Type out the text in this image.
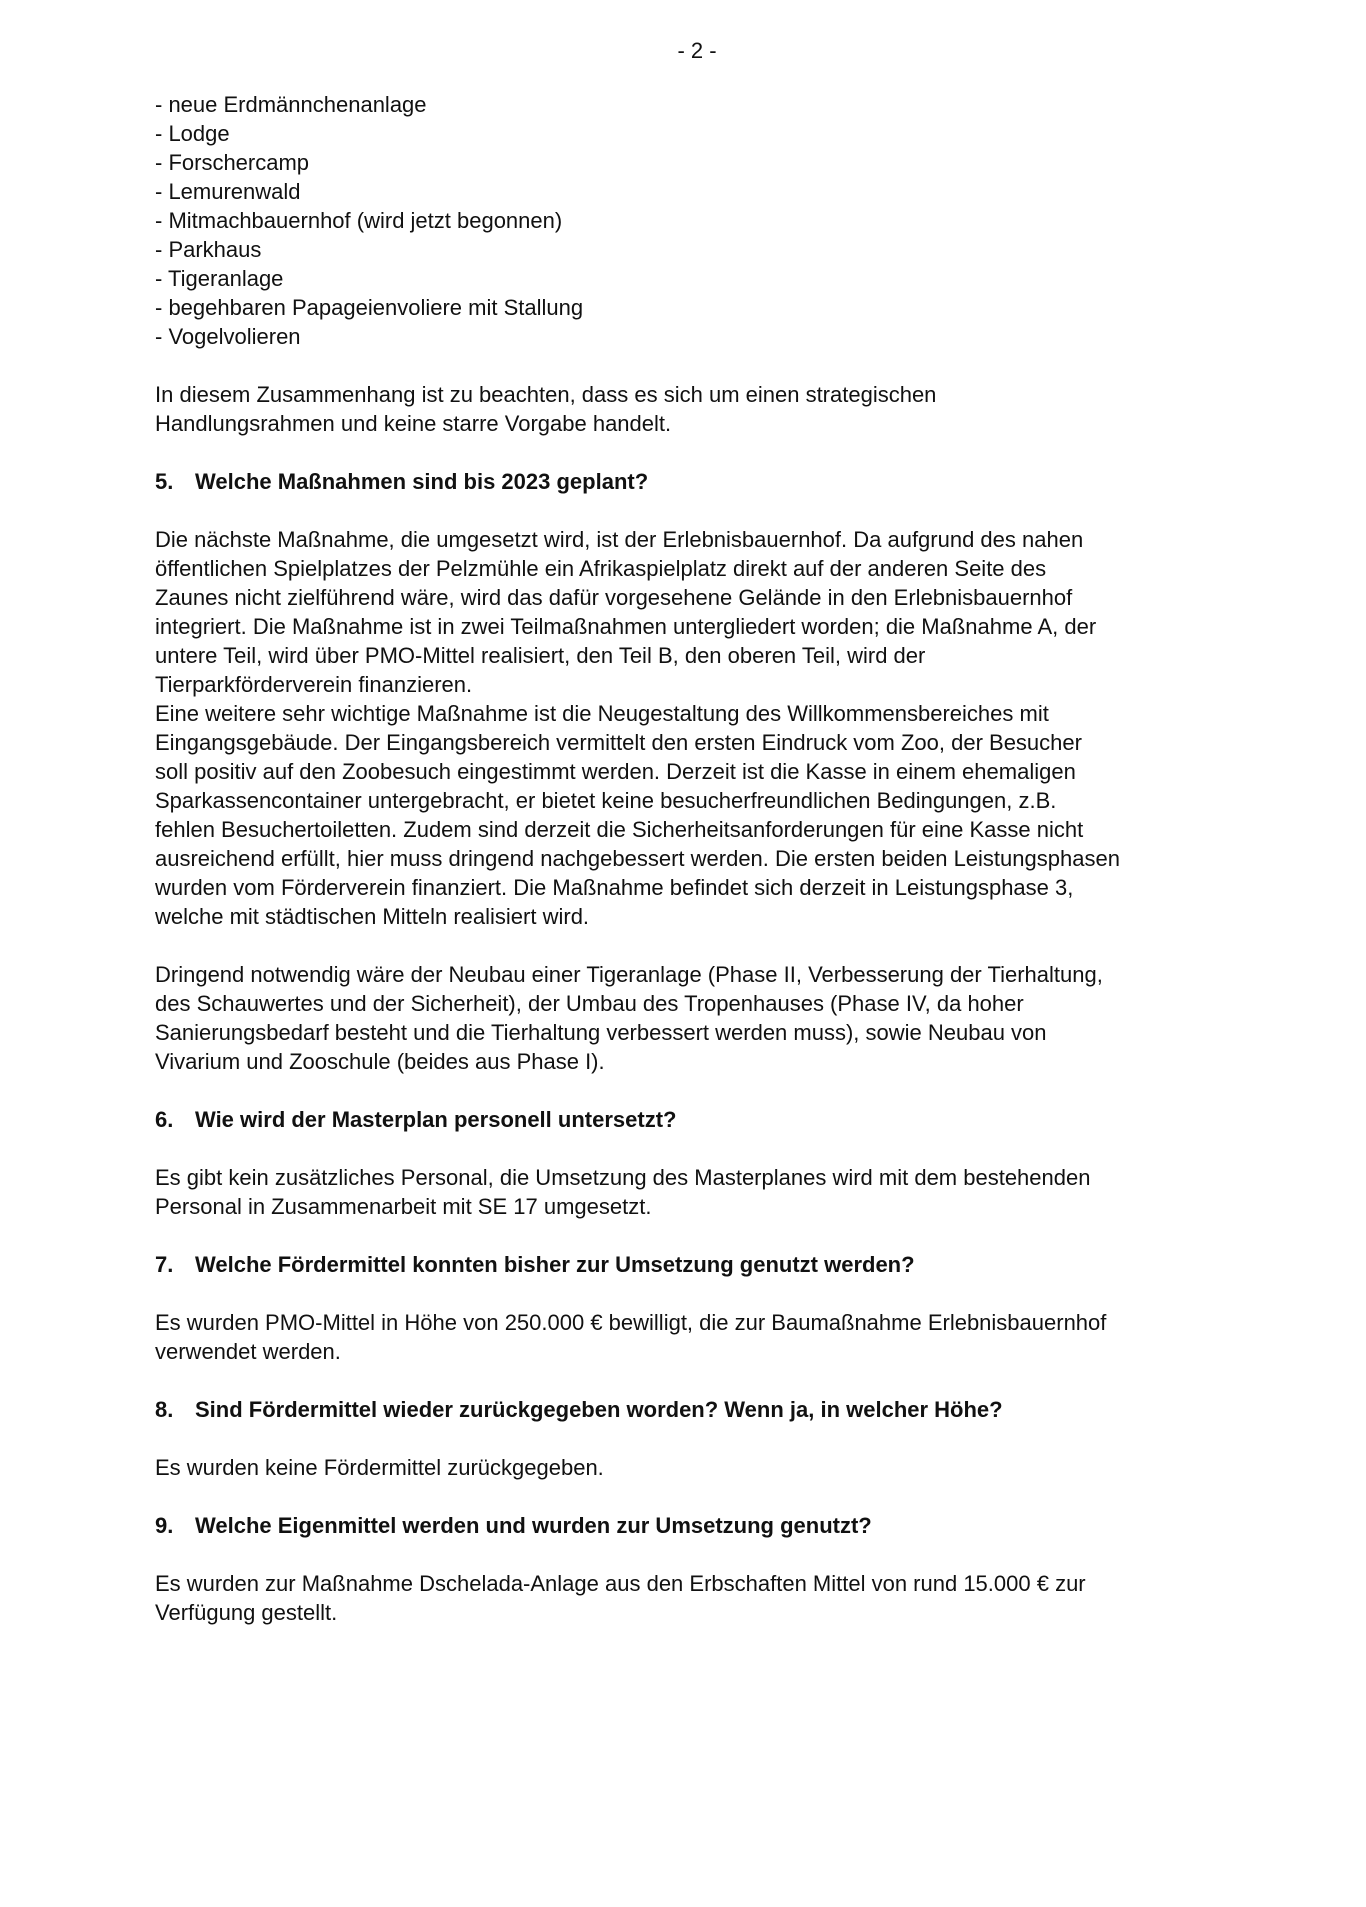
- 2 -
- neue Erdmännchenanlage
- Lodge
- Forschercamp
- Lemurenwald
- Mitmachbauernhof (wird jetzt begonnen)
- Parkhaus
- Tigeranlage
- begehbaren Papageienvoliere mit Stallung
- Vogelvolieren

In diesem Zusammenhang ist zu beachten, dass es sich um einen strategischen
Handlungsrahmen und keine starre Vorgabe handelt.

5. Welche Maßnahmen sind bis 2023 geplant?

Die nächste Maßnahme, die umgesetzt wird, ist der Erlebnisbauernhof. Da aufgrund des nahen
öffentlichen Spielplatzes der Pelzmühle ein Afrikaspielplatz direkt auf der anderen Seite des
Zaunes nicht zielführend wäre, wird das dafür vorgesehene Gelände in den Erlebnisbauernhof
integriert. Die Maßnahme ist in zwei Teilmaßnahmen untergliedert worden; die Maßnahme A, der
untere Teil, wird über PMO-Mittel realisiert, den Teil B, den oberen Teil, wird der
Tierparkförderverein finanzieren.

Eine weitere sehr wichtige Maßnahme ist die Neugestaltung des Willkommensbereiches mit
Eingangsgebäude. Der Eingangsbereich vermittelt den ersten Eindruck vom Zoo, der Besucher
soll positiv auf den Zoobesuch eingestimmt werden. Derzeit ist die Kasse in einem ehemaligen
Sparkassencontainer untergebracht, er bietet keine besucherfreundlichen Bedingungen, z.B.
fehlen Besuchertoiletten. Zudem sind derzeit die Sicherheitsanforderungen für eine Kasse nicht
ausreichend erfüllt, hier muss dringend nachgebessert werden. Die ersten beiden Leistungsphasen
wurden vom Förderverein finanziert. Die Maßnahme befindet sich derzeit in Leistungsphase 3,
welche mit städtischen Mitteln realisiert wird.

Dringend notwendig wäre der Neubau einer Tigeranlage (Phase II, Verbesserung der Tierhaltung,
des Schauwertes und der Sicherheit), der Umbau des Tropenhauses (Phase IV, da hoher
Sanierungsbedarf besteht und die Tierhaltung verbessert werden muss), sowie Neubau von
Vivarium und Zooschule (beides aus Phase I).

6. Wie wird der Masterplan personell untersetzt?

Es gibt kein zusätzliches Personal, die Umsetzung des Masterplanes wird mit dem bestehenden
Personal in Zusammenarbeit mit SE 17 umgesetzt.

7. Welche Fördermittel konnten bisher zur Umsetzung genutzt werden?

Es wurden PMO-Mittel in Höhe von 250.000 € bewilligt, die zur Baumaßnahme Erlebnisbauernhof
verwendet werden.

8. Sind Fördermittel wieder zurückgegeben worden? Wenn ja, in welcher Höhe?

Es wurden keine Fördermittel zurückgegeben.

9. Welche Eigenmittel werden und wurden zur Umsetzung genutzt?

Es wurden zur Maßnahme Dschelada-Anlage aus den Erbschaften Mittel von rund 15.000 € zur
Verfügung gestellt.
